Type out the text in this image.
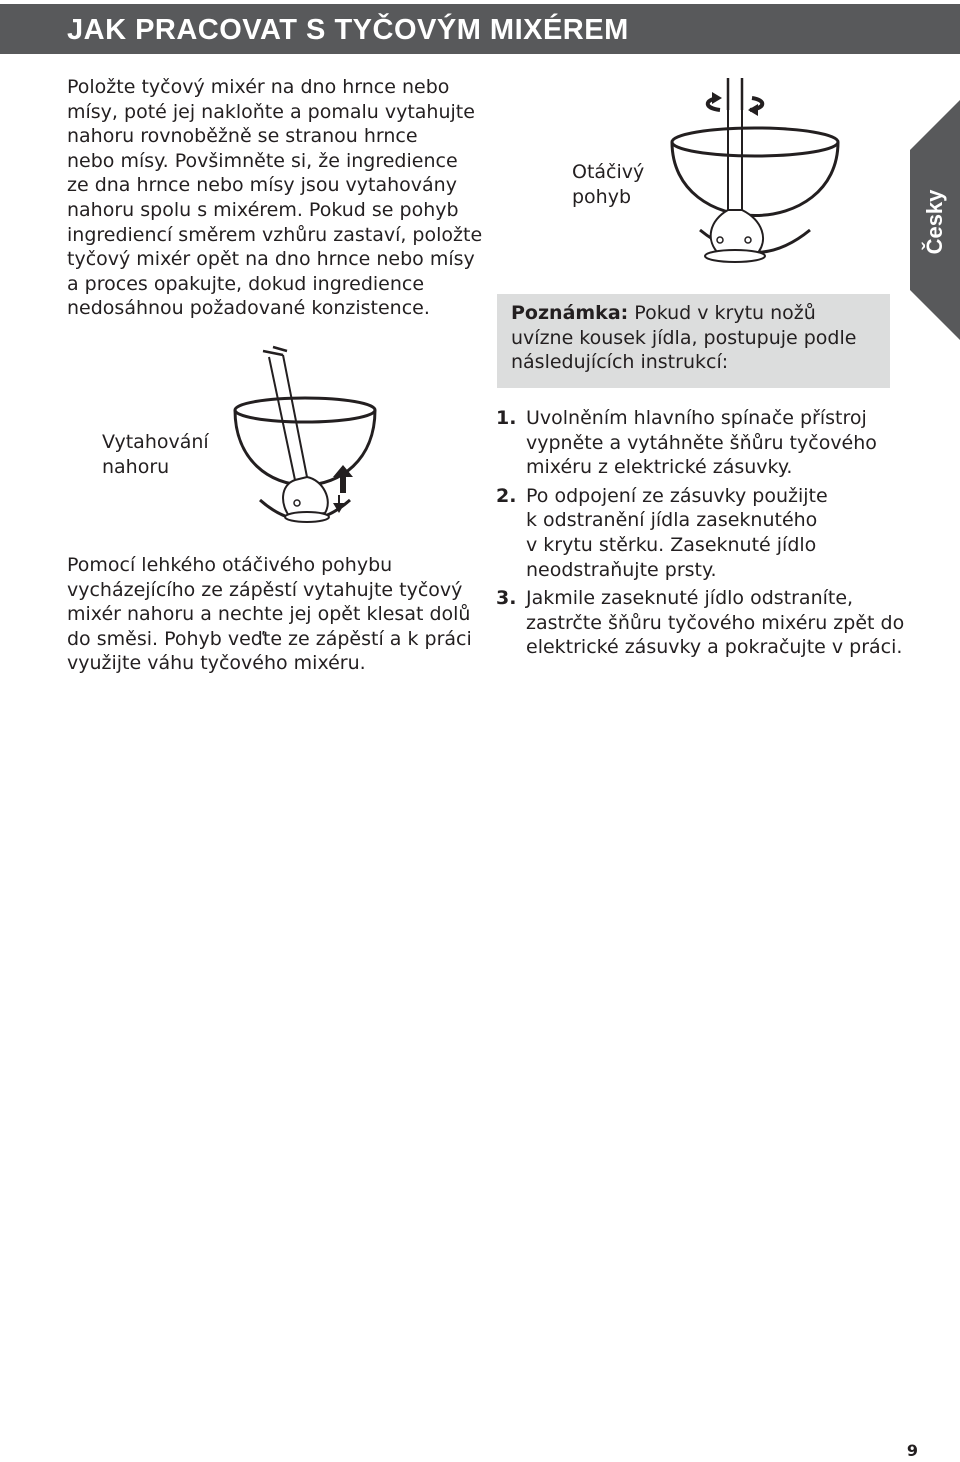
JAK PRACOVAT S TYČOVÝM MIXÉREM

Položte tyčový mixér na dno hrnce nebo
mísy, poté jej nakloňte a pomalu vytahujte
nahoru rovnoběžně se stranou hrnce
nebo mísy. Povšimněte si, že ingredience
ze dna hrnce nebo mísy jsou vytahovány
nahoru spolu s mixérem. Pokud se pohyb
ingrediencí směrem vzhůru zastaví, položte
tyčový mixér opět na dno hrnce nebo mísy
a proces opakujte, dokud ingredience
nedosáhnou požadované konzistence.

Otáčivý
pohyb

Poznámka: Pokud v krytu nožů uvízne kousek jídla, postupuje podle následujících instrukcí:

Vytahování
nahoru

Pomocí lehkého otáčivého pohybu
vycházejícího ze zápěstí vytahujte tyčový
mixér nahoru a nechte jej opět klesat dolů
do směsi. Pohyb veďte ze zápěstí a k práci
využijte váhu tyčového mixéru.

1. Uvolněním hlavního spínače přístroj
vypněte a vytáhněte šňůru tyčového
mixéru z elektrické zásuvky.
2. Po odpojení ze zásuvky použijte
k odstranění jídla zaseknutého
v krytu stěrku. Zaseknuté jídlo
neodstraňujte prsty.
3. Jakmile zaseknuté jídlo odstraníte,
zastrčte šňůru tyčového mixéru zpět do
elektrické zásuvky a pokračujte v práci.
Česky

9
